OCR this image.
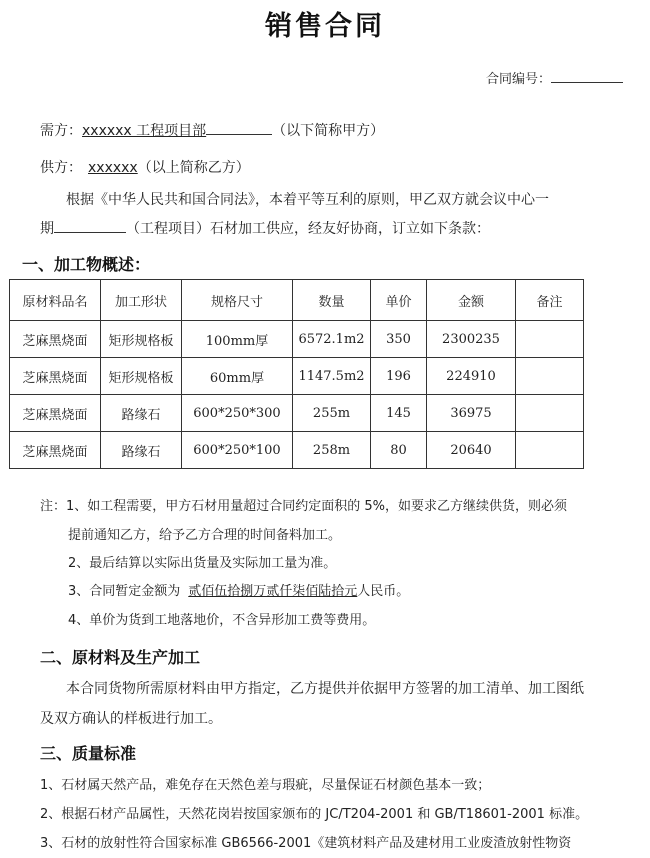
销售合同
合同编号：
需方：xxxxxx 工程项目部	（以下简称甲方）
供方： xxxxxx（以上简称乙方）
根据《中华人民共和国合同法》，本着平等互利的原则，甲乙双方就会议中心一
期	（工程项目）石材加工供应，经友好协商，订立如下条款：
一、加工物概述：
原材料品名	加工形状	规格尺寸	数量	单价	金额	备注
芝麻黑烧面	矩形规格板	100mm厚	6572.1m2	350	2300235	
芝麻黑烧面	矩形规格板	60mm厚	1147.5m2	196	224910	
芝麻黑烧面	路缘石	600*250*300	255m	145	36975	
芝麻黑烧面	路缘石	600*250*100	258m	80	20640	
注：1、如工程需要，甲方石材用量超过合同约定面积的 5%，如要求乙方继续供货，则必须
提前通知乙方，给予乙方合理的时间备料加工。
2、最后结算以实际出货量及实际加工量为准。
3、合同暂定金额为 贰佰伍拾捌万贰仟柒佰陆拾元人民币。
4、单价为货到工地落地价，不含异形加工费等费用。
二、原材料及生产加工
本合同货物所需原材料由甲方指定，乙方提供并依据甲方签署的加工清单、加工图纸
及双方确认的样板进行加工。
三、质量标准
1、石材属天然产品，难免存在天然色差与瑕疵，尽量保证石材颜色基本一致；
2、根据石材产品属性，天然花岗岩按国家颁布的 JC/T204-2001 和 GB/T18601-2001 标准。
3、石材的放射性符合国家标准 GB6566-2001《建筑材料产品及建材用工业废渣放射性物资
